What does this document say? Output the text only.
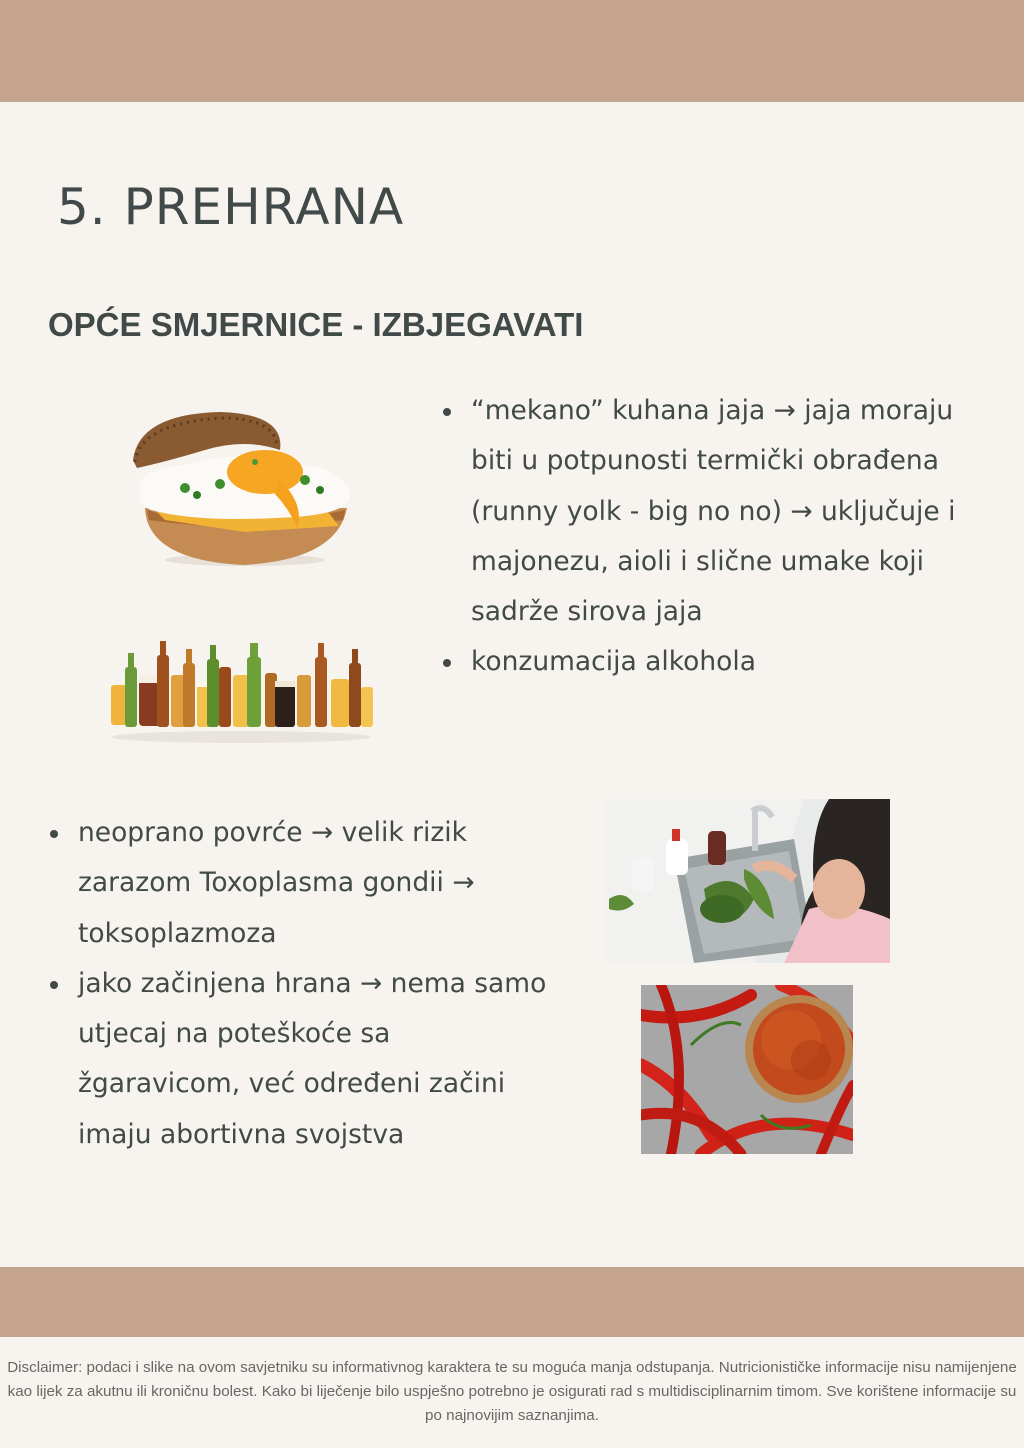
5. PREHRANA
OPĆE SMJERNICE - IZBJEGAVATI
“mekano” kuhana jaja → jaja moraju biti u potpunosti termički obrađena (runny yolk - big no no) → uključuje i majonezu, aioli i slične umake koji sadrže sirova jaja
konzumacija alkohola
neoprano povrće → velik rizik zarazom Toxoplasma gondii → toksoplazmoza
jako začinjena hrana → nema samo utjecaj na poteškoće sa žgaravicom, već određeni začini imaju abortivna svojstva

Disclaimer: podaci i slike na ovom savjetniku su informativnog karaktera te su moguća manja odstupanja. Nutricionističke informacije nisu namijenjene kao lijek za akutnu ili kroničnu bolest. Kako bi liječenje bilo uspješno potrebno je osigurati rad s multidisciplinarnim timom. Sve korištene informacije su po najnovijim saznanjima.
